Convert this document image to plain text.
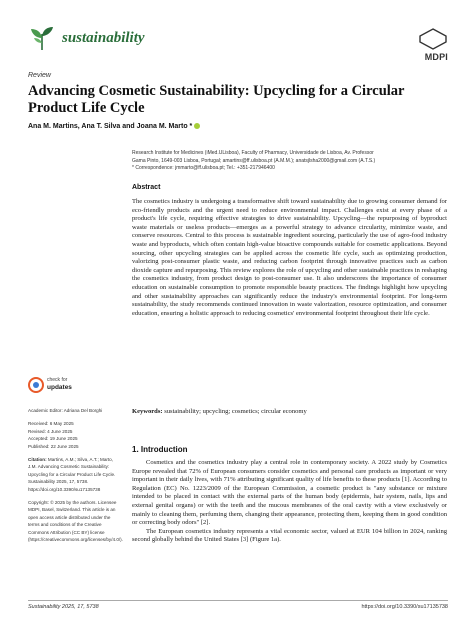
sustainability
MDPI
Review
Advancing Cosmetic Sustainability: Upcycling for a Circular Product Life Cycle
Ana M. Martins, Ana T. Silva and Joana M. Marto *
Research Institute for Medicines (iMed.ULisboa), Faculty of Pharmacy, Universidade de Lisboa, Av. Professor
Gama Pinto, 1649-003 Lisboa, Portugal; amartins@ff.ulisboa.pt (A.M.M.); anatsjlsha2000@gmail.com (A.T.S.)
* Correspondence: jmmarto@ff.ulisboa.pt; Tel.: +351-217946400
Abstract
The cosmetics industry is undergoing a transformative shift toward sustainability due to growing consumer demand for eco-friendly products and the urgent need to reduce environmental impact. Challenges exist at every phase of a product's life cycle, requiring effective strategies to drive sustainability. Upcycling—the repurposing of byproduct waste materials or useless products—emerges as a powerful strategy to advance circularity, minimize waste, and conserve resources. Central to this process is sustainable ingredient sourcing, particularly the use of agro-food industry waste and byproducts, which often contain high-value bioactive compounds suitable for cosmetic applications. Beyond sourcing, other upcycling strategies can be applied across the cosmetic life cycle, such as optimizing production, valorizing post-consumer plastic waste, and reducing carbon footprint through innovative practices such as carbon dioxide capture and repurposing. This review explores the role of upcycling and other sustainable practices in reshaping the cosmetics industry, from product design to post-consumer use. It also underscores the importance of consumer education on sustainable consumption to promote responsible beauty practices. The findings highlight how upcycling and other sustainability approaches can significantly reduce the industry's environmental footprint. For long-term sustainability, the study recommends continued innovation in waste valorization, resource optimization, and consumer education, ensuring a holistic approach to reducing cosmetics' environmental footprint throughout their life cycle.
Keywords: sustainability; upcycling; cosmetics; circular economy
check for
updates
Academic Editor: Adriana Del Borghi
Received: 6 May 2025
Revised: 4 June 2025
Accepted: 19 June 2025
Published: 22 June 2025
Citation: Martins, A.M.; Silva, A.T.; Marto, J.M. Advancing Cosmetic Sustainability: Upcycling for a Circular Product Life Cycle. Sustainability 2025, 17, 5738. https://doi.org/10.3390/su17135738
Copyright: © 2025 by the authors. Licensee MDPI, Basel, Switzerland. This article is an open access article distributed under the terms and conditions of the Creative Commons Attribution (CC BY) license (https://creativecommons.org/licenses/by/4.0/).
1. Introduction

Cosmetics and the cosmetics industry play a central role in contemporary society. A 2022 study by Cosmetics Europe revealed that 72% of European consumers consider cosmetics and personal care products as important or very important in their daily lives, with 71% attributing significant quality of life benefits to these products [1]. According to Regulation (EC) No. 1223/2009 of the European Commission, a cosmetic product is "any substance or mixture intended to be placed in contact with the external parts of the human body (epidermis, hair system, nails, lips and external genital organs) or with the teeth and the mucous membranes of the oral cavity with a view exclusively or mainly to cleaning them, perfuming them, changing their appearance, protecting them, keeping them in good condition or correcting body odors" [2].

The European cosmetics industry represents a vital economic sector, valued at EUR 104 billion in 2024, ranking second globally behind the United States [3] (Figure 1a).

Sustainability 2025, 17, 5738	https://doi.org/10.3390/su17135738
